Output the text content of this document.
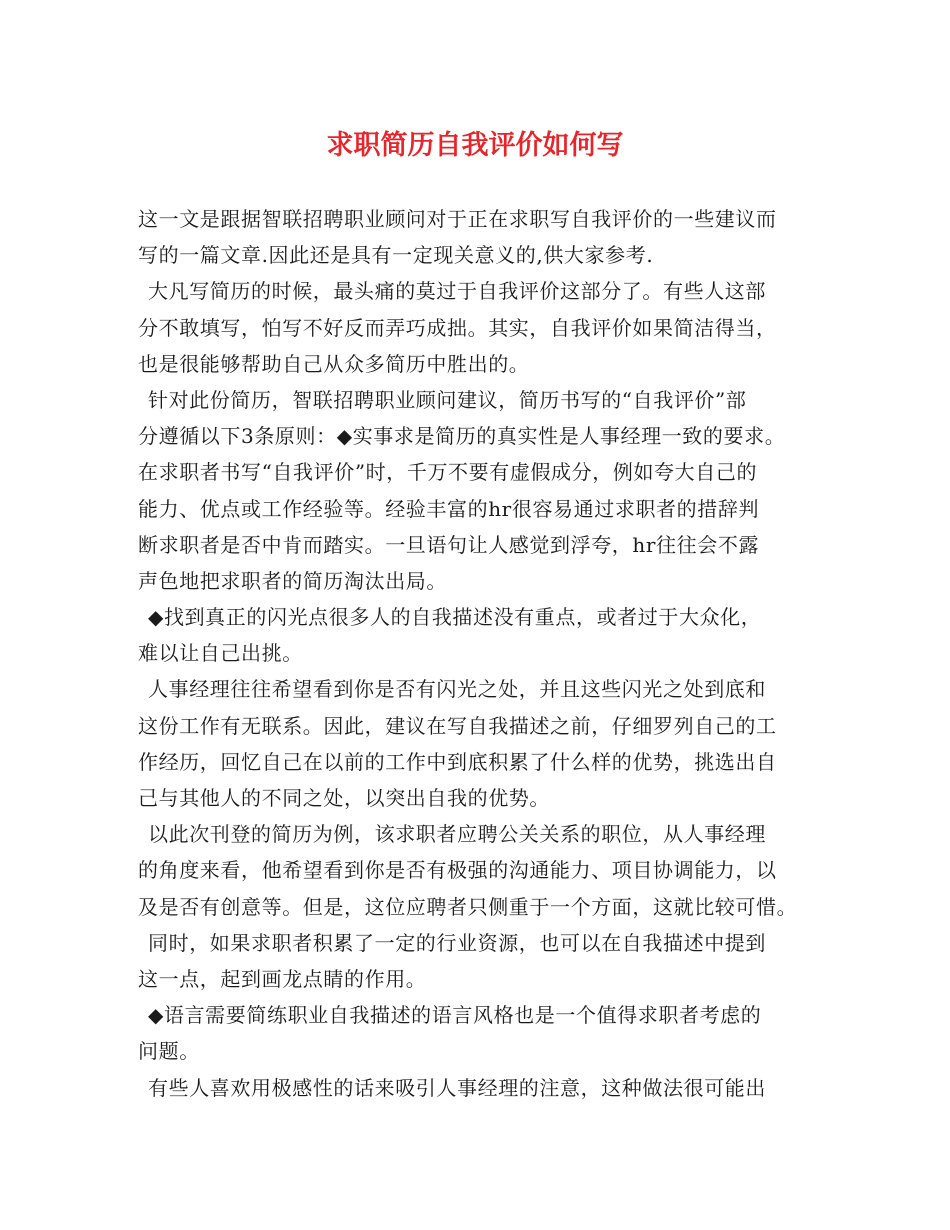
求职简历自我评价如何写
这一文是跟据智联招聘职业顾问对于正在求职写自我评价的一些建议而
写的一篇文章.因此还是具有一定现关意义的,供大家参考.
大凡写简历的时候，最头痛的莫过于自我评价这部分了。有些人这部
分不敢填写，怕写不好反而弄巧成拙。其实，自我评价如果简洁得当，
也是很能够帮助自己从众多简历中胜出的。
针对此份简历，智联招聘职业顾问建议，简历书写的“自我评价”部
分遵循以下3条原则：◆实事求是简历的真实性是人事经理一致的要求。
在求职者书写“自我评价”时，千万不要有虚假成分，例如夸大自己的
能力、优点或工作经验等。经验丰富的hr很容易通过求职者的措辞判
断求职者是否中肯而踏实。一旦语句让人感觉到浮夸，hr往往会不露
声色地把求职者的简历淘汰出局。
◆找到真正的闪光点很多人的自我描述没有重点，或者过于大众化，
难以让自己出挑。
人事经理往往希望看到你是否有闪光之处，并且这些闪光之处到底和
这份工作有无联系。因此，建议在写自我描述之前，仔细罗列自己的工
作经历，回忆自己在以前的工作中到底积累了什么样的优势，挑选出自
己与其他人的不同之处，以突出自我的优势。
以此次刊登的简历为例，该求职者应聘公关关系的职位，从人事经理
的角度来看，他希望看到你是否有极强的沟通能力、项目协调能力，以
及是否有创意等。但是，这位应聘者只侧重于一个方面，这就比较可惜。
同时，如果求职者积累了一定的行业资源，也可以在自我描述中提到
这一点，起到画龙点睛的作用。
◆语言需要简练职业自我描述的语言风格也是一个值得求职者考虑的
问题。
有些人喜欢用极感性的话来吸引人事经理的注意，这种做法很可能出
